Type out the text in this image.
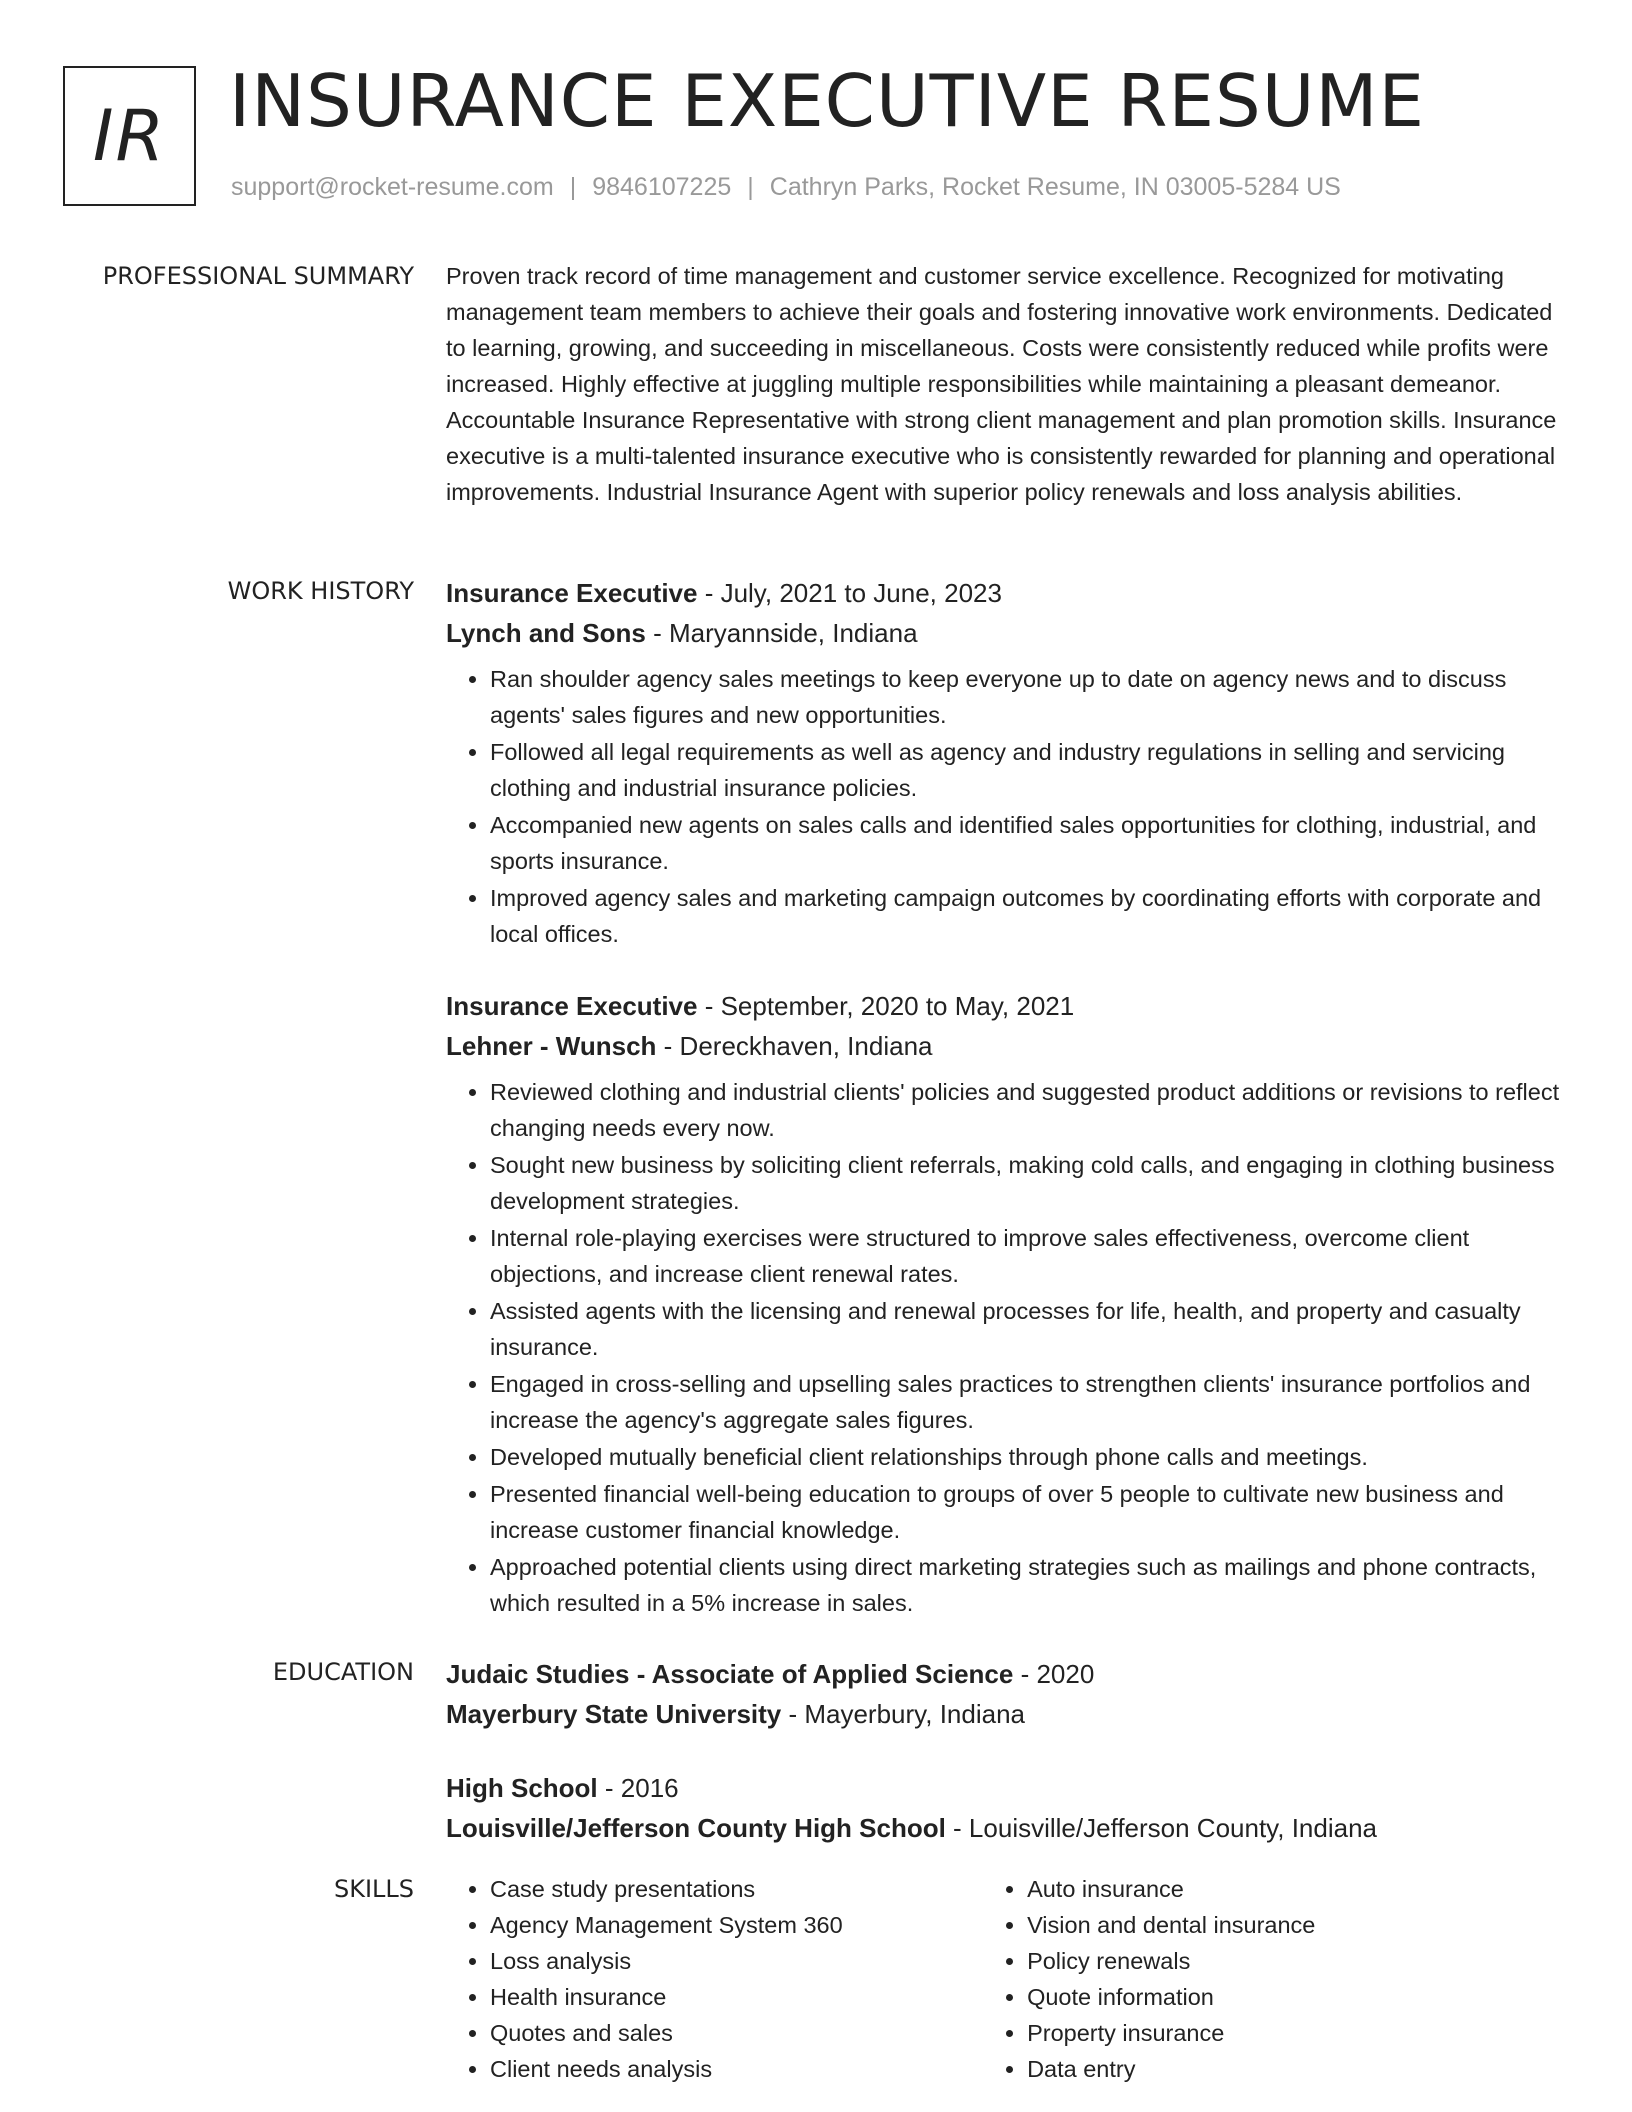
IR INSURANCE EXECUTIVE RESUME
support@rocket-resume.com | 9846107225 | Cathryn Parks, Rocket Resume, IN 03005-5284 US
PROFESSIONAL SUMMARY Proven track record of time management and customer service excellence. Recognized for motivating management team members to achieve their goals and fostering innovative work environments. Dedicated to learning, growing, and succeeding in miscellaneous. Costs were consistently reduced while profits were increased. Highly effective at juggling multiple responsibilities while maintaining a pleasant demeanor. Accountable Insurance Representative with strong client management and plan promotion skills. Insurance executive is a multi-talented insurance executive who is consistently rewarded for planning and operational improvements. Industrial Insurance Agent with superior policy renewals and loss analysis abilities.

WORK HISTORY Insurance Executive - July, 2021 to June, 2023

Lynch and Sons - Maryannside, Indiana

• Ran shoulder agency sales meetings to keep everyone up to date on agency news and to discuss agents' sales figures and new opportunities.
• Followed all legal requirements as well as agency and industry regulations in selling and servicing clothing and industrial insurance policies.
• Accompanied new agents on sales calls and identified sales opportunities for clothing, industrial, and sports insurance.
• Improved agency sales and marketing campaign outcomes by coordinating efforts with corporate and local offices.

Insurance Executive - September, 2020 to May, 2021

Lehner - Wunsch - Dereckhaven, Indiana

• Reviewed clothing and industrial clients' policies and suggested product additions or revisions to reflect changing needs every now.
• Sought new business by soliciting client referrals, making cold calls, and engaging in clothing business development strategies.
• Internal role-playing exercises were structured to improve sales effectiveness, overcome client objections, and increase client renewal rates.
• Assisted agents with the licensing and renewal processes for life, health, and property and casualty insurance.
• Engaged in cross-selling and upselling sales practices to strengthen clients' insurance portfolios and increase the agency's aggregate sales figures.
• Developed mutually beneficial client relationships through phone calls and meetings.
• Presented financial well-being education to groups of over 5 people to cultivate new business and increase customer financial knowledge.
• Approached potential clients using direct marketing strategies such as mailings and phone contracts, which resulted in a 5% increase in sales.
EDUCATION Judaic Studies - Associate of Applied Science - 2020

Mayerbury State University - Mayerbury, Indiana

High School - 2016

Louisville/Jefferson County High School - Louisville/Jefferson County, Indiana

SKILLS
•	Case study presentations
• Agency Management System 360
• Loss analysis
• Health insurance
• Quotes and sales
• Client needs analysis
• Auto insurance
• Vision and dental insurance
• Policy renewals
• Quote information
• Property insurance
• Data entry
